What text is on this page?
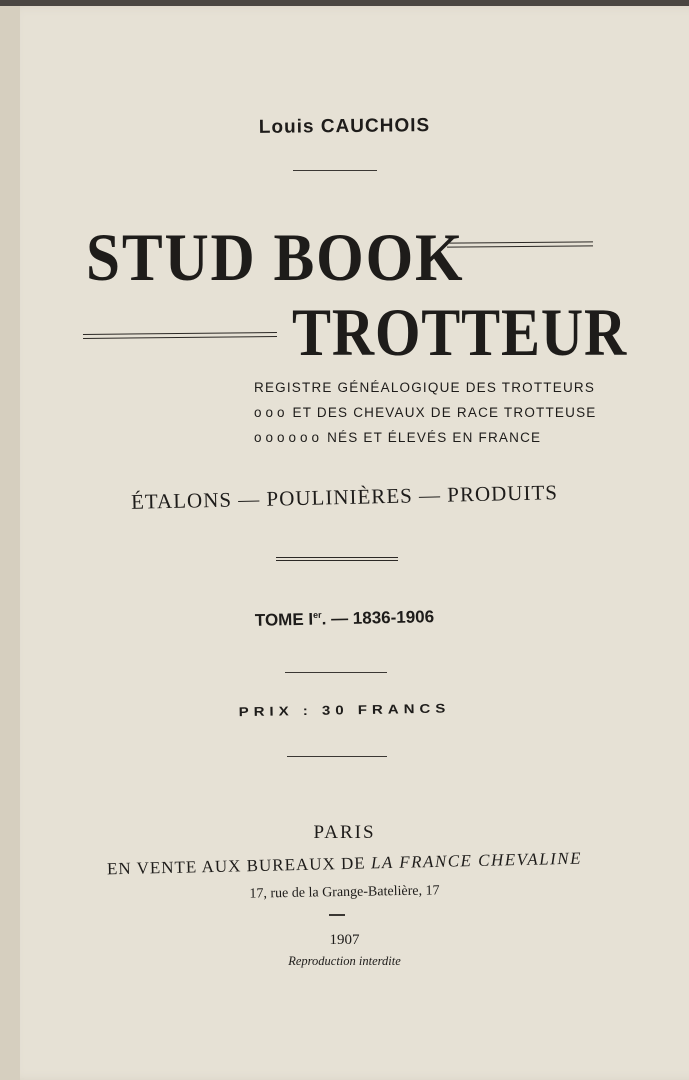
Louis CAUCHOIS
STUD BOOK
TROTTEUR
REGISTRE GÉNÉALOGIQUE DES TROTTEURS
ooo ET DES CHEVAUX DE RACE TROTTEUSE
oooooo NÉS ET ÉLEVÉS EN FRANCE
ÉTALONS — POULINIÈRES — PRODUITS
TOME Ier. — 1836-1906
PRIX : 30 FRANCS
PARIS
EN VENTE AUX BUREAUX DE LA FRANCE CHEVALINE
17, rue de la Grange-Batelière, 17
1907
Reproduction interdite
